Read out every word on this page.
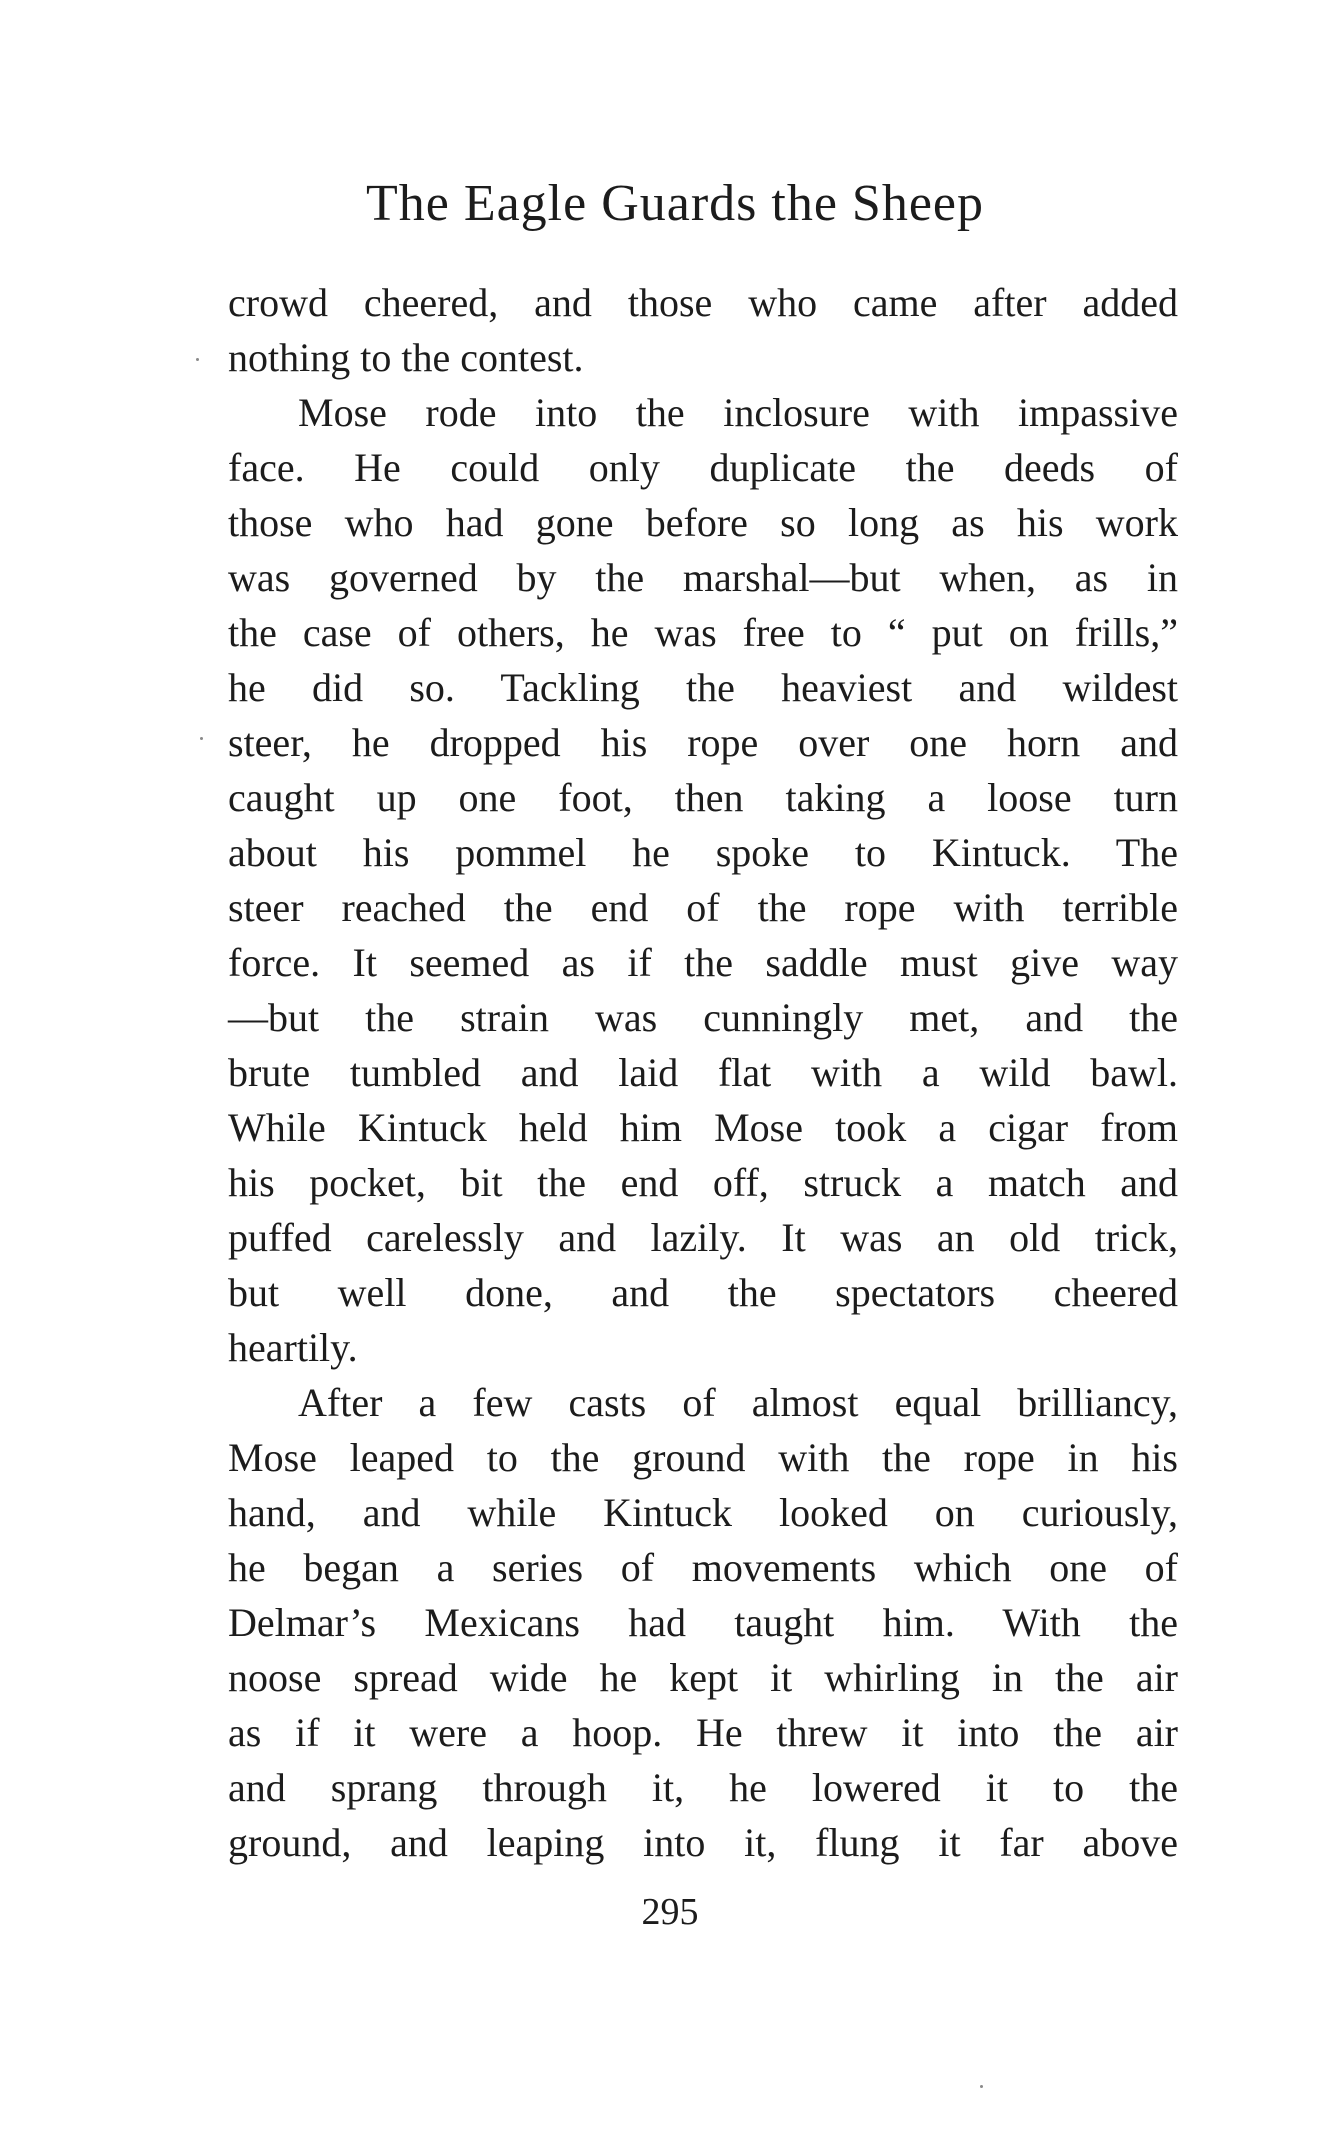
The Eagle Guards the Sheep
crowd cheered, and those who came after added
nothing to the contest.
Mose rode into the inclosure with impassive
face. He could only duplicate the deeds of
those who had gone before so long as his work
was governed by the marshal—but when, as in
the case of others, he was free to “ put on frills,”
he did so. Tackling the heaviest and wildest
steer, he dropped his rope over one horn and
caught up one foot, then taking a loose turn
about his pommel he spoke to Kintuck. The
steer reached the end of the rope with terrible
force. It seemed as if the saddle must give way
—but the strain was cunningly met, and the
brute tumbled and laid flat with a wild bawl.
While Kintuck held him Mose took a cigar from
his pocket, bit the end off, struck a match and
puffed carelessly and lazily. It was an old trick,
but well done, and the spectators cheered
heartily.
After a few casts of almost equal brilliancy,
Mose leaped to the ground with the rope in his
hand, and while Kintuck looked on curiously,
he began a series of movements which one of
Delmar’s Mexicans had taught him. With the
noose spread wide he kept it whirling in the air
as if it were a hoop. He threw it into the air
and sprang through it, he lowered it to the
ground, and leaping into it, flung it far above
295
